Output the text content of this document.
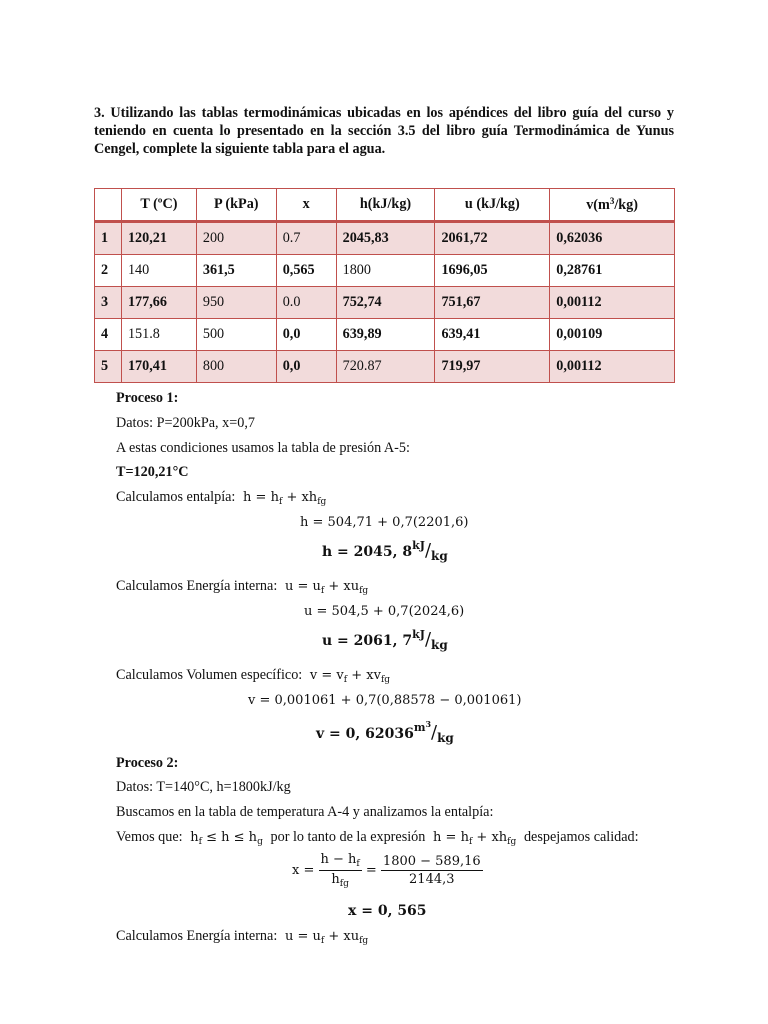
3. Utilizando las tablas termodinámicas ubicadas en los apéndices del libro guía del curso y teniendo en cuenta lo presentado en la sección 3.5 del libro guía Termodinámica de Yunus Cengel, complete la siguiente tabla para el agua.

	T (ºC)	P (kPa)	x	h(kJ/kg)	u (kJ/kg)	$v(m^3/kg)$
1	120,21	200	0.7	2045,83	2061,72	0,62036
2	140	361,5	0,565	1800	1696,05	0,28761
3	177,66	950	0.0	752,74	751,67	0,00112
4	151.8	500	0,0	639,89	639,41	0,00109
5	170,41	800	0,0	720.87	719,97	0,00112
Proceso 1:
Datos: P=200kPa, x=0,7
A estas condiciones usamos la tabla de presión A-5:
T=120,21°C
Calculamos entalpía:  $h = h_f + xh_{fg}$
h = 504,71 + 0,7(2201,6)
h = 2045, $8^{kJ}/kg$
Calculamos Energía interna:  $u = u_f + xu_{fg}$
u = 504,5 + 0,7(2024,6)
u = 2061, $7^{kJ}/kg$
Calculamos Volumen específico:  $v = v_f + xv_{fg}$
v = 0,001061 + 0,7(0,88578 − 0,001061)
v = 0, $62036^{m^3}/kg$
Proceso 2:
Datos: T=140°C, h=1800kJ/kg
Buscamos en la tabla de temperatura A-4 y analizamos la entalpía:
Vemos que:  $h_f \le h \le h_g$ por lo tanto de la expresión  $h = h_f + xh_{fg}$ despejamos calidad:
$x = \frac{h - h_f}{h_{fg}} = \frac{1800 - 589,16}{2144,3}$
x = 0, 565
Calculamos Energía interna:  $u = u_f + xu_{fg}$
